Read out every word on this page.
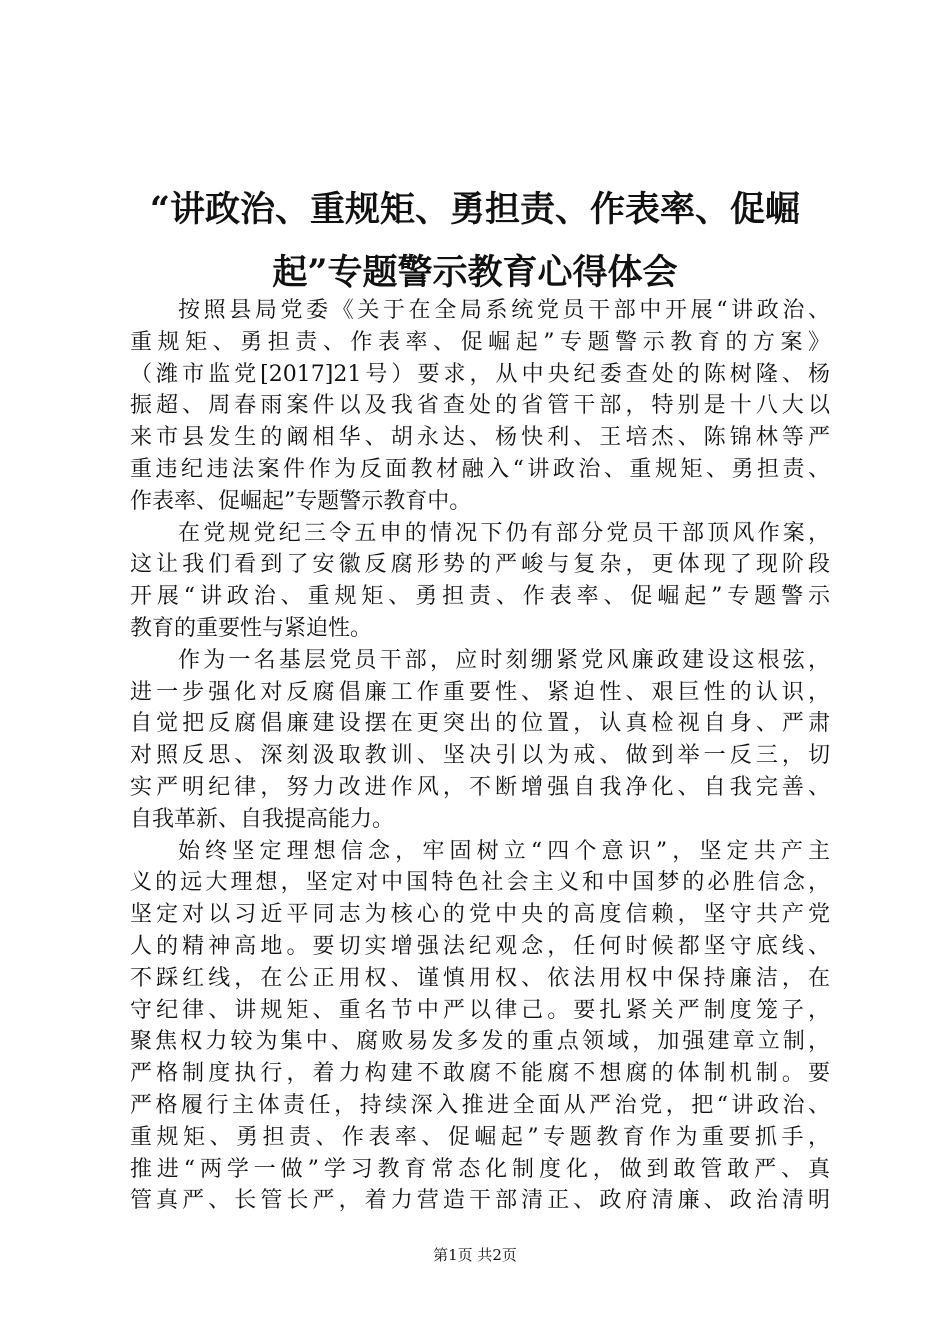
“讲政治、重规矩、勇担责、作表率、促崛
起”专题警示教育心得体会

按照县局党委《关于在全局系统党员干部中开展“讲政治、
重规矩、勇担责、作表率、促崛起”专题警示教育的方案》
（潍市监党[2017]21号）要求，从中央纪委查处的陈树隆、杨
振超、周春雨案件以及我省查处的省管干部，特别是十八大以
来市县发生的阚相华、胡永达、杨快利、王培杰、陈锦林等严
重违纪违法案件作为反面教材融入“讲政治、重规矩、勇担责、
作表率、促崛起”专题警示教育中。

在党规党纪三令五申的情况下仍有部分党员干部顶风作案，
这让我们看到了安徽反腐形势的严峻与复杂，更体现了现阶段
开展“讲政治、重规矩、勇担责、作表率、促崛起”专题警示
教育的重要性与紧迫性。

作为一名基层党员干部，应时刻绷紧党风廉政建设这根弦，
进一步强化对反腐倡廉工作重要性、紧迫性、艰巨性的认识，
自觉把反腐倡廉建设摆在更突出的位置，认真检视自身、严肃
对照反思、深刻汲取教训、坚决引以为戒、做到举一反三，切
实严明纪律，努力改进作风，不断增强自我净化、自我完善、
自我革新、自我提高能力。

始终坚定理想信念，牢固树立“四个意识”，坚定共产主
义的远大理想，坚定对中国特色社会主义和中国梦的必胜信念，
坚定对以习近平同志为核心的党中央的高度信赖，坚守共产党
人的精神高地。要切实增强法纪观念，任何时候都坚守底线、
不踩红线，在公正用权、谨慎用权、依法用权中保持廉洁，在
守纪律、讲规矩、重名节中严以律己。要扎紧关严制度笼子，
聚焦权力较为集中、腐败易发多发的重点领域，加强建章立制，
严格制度执行，着力构建不敢腐不能腐不想腐的体制机制。要
严格履行主体责任，持续深入推进全面从严治党，把“讲政治、
重规矩、勇担责、作表率、促崛起”专题教育作为重要抓手，
推进“两学一做”学习教育常态化制度化，做到敢管敢严、真
管真严、长管长严，着力营造干部清正、政府清廉、政治清明

第1页 共2页
